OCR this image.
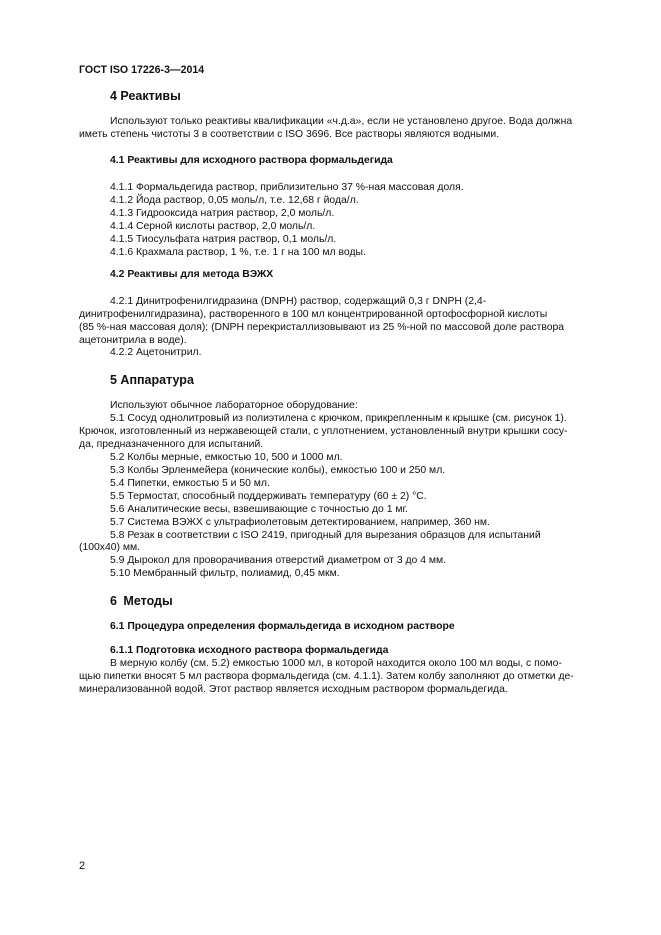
ГОСТ ISO 17226-3—2014
4 Реактивы
Используют только реактивы квалификации «ч.д.а», если не установлено другое. Вода должна
иметь степень чистоты 3 в соответствии с ISO 3696. Все растворы являются водными.
4.1 Реактивы для исходного раствора формальдегида
4.1.1 Формальдегида раствор, приблизительно 37 %-ная массовая доля.
4.1.2 Йода раствор, 0,05 моль/л, т.е. 12,68 г йода/л.
4.1.3 Гидроокcида натрия раствор, 2,0 моль/л.
4.1.4 Серной кислоты раствор, 2,0 моль/л.
4.1.5 Тиосульфата натрия раствор, 0,1 моль/л.
4.1.6 Крахмала раствор, 1 %, т.е. 1 г на 100 мл воды.
4.2 Реактивы для метода ВЭЖХ
4.2.1 Динитрофенилгидразина (DNPH) раствор, содержащий 0,3 г DNPH (2,4-
динитрофенилгидразина), растворенного в 100 мл концентрированной ортофосфорной кислоты
(85 %-ная массовая доля); (DNPH перекристаллизовывают из 25 %-ной по массовой доле раствора
ацетонитрила в воде).
4.2.2 Ацетонитрил.
5 Аппаратура
Используют обычное лабораторное оборудование:
5.1 Сосуд однолитровый из полиэтилена с крючком, прикрепленным к крышке (см. рисунок 1).
Крючок, изготовленный из нержавеющей стали, с уплотнением, установленный внутри крышки сосу-
да, предназначенного для испытаний.
5.2 Колбы мерные, емкостью 10, 500 и 1000 мл.
5.3 Колбы Эрленмейера (конические колбы), емкостью 100 и 250 мл.
5.4 Пипетки, емкостью 5 и 50 мл.
5.5 Термостат, способный поддерживать температуру (60 ± 2) °С.
5.6 Аналитические весы, взвешивающие с точностью до 1 мг.
5.7 Система ВЭЖХ с ультрафиолетовым детектированием, например, 360 нм.
5.8 Резак в соответствии с ISO 2419, пригодный для вырезания образцов для испытаний
(100x40) мм.
5.9 Дырокол для проворачивания отверстий диаметром от 3 до 4 мм.
5.10 Мембранный фильтр, полиамид, 0,45 мкм.
6 Методы
6.1 Процедура определения формальдегида в исходном растворе
6.1.1 Подготовка исходного раствора формальдегида
В мерную колбу (см. 5.2) емкостью 1000 мл, в которой находится около 100 мл воды, с помо-
щью пипетки вносят 5 мл раствора формальдегида (см. 4.1.1). Затем колбу заполняют до отметки де-
минерализованной водой. Этот раствор является исходным раствором формальдегида.
2
